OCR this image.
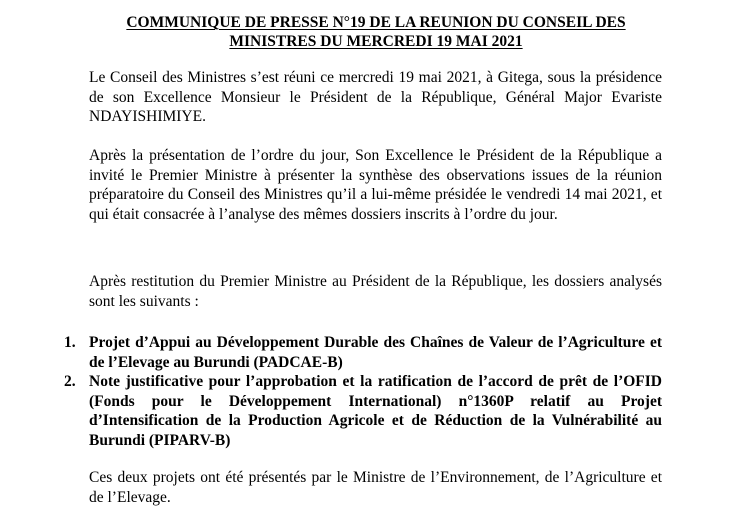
COMMUNIQUE DE PRESSE N°19 DE LA REUNION DU CONSEIL DES MINISTRES DU MERCREDI 19 MAI 2021

Le Conseil des Ministres s’est réuni ce mercredi 19 mai 2021, à Gitega, sous la présidence de son Excellence Monsieur le Président de la République, Général Major Evariste NDAYISHIMIYE.

Après la présentation de l’ordre du jour, Son Excellence le Président de la République a invité le Premier Ministre à présenter la synthèse des observations issues de la réunion préparatoire du Conseil des Ministres qu’il a lui-même présidée le vendredi 14 mai 2021, et qui était consacrée à l’analyse des mêmes dossiers inscrits à l’ordre du jour.

Après restitution du Premier Ministre au Président de la République, les dossiers analysés sont les suivants :

1. Projet d’Appui au Développement Durable des Chaînes de Valeur de l’Agriculture et de l’Elevage au Burundi (PADCAE-B)
2. Note justificative pour l’approbation et la ratification de l’accord de prêt de l’OFID (Fonds pour le Développement International) n°1360P relatif au Projet d’Intensification de la Production Agricole et de Réduction de la Vulnérabilité au Burundi (PIPARV-B)

Ces deux projets ont été présentés par le Ministre de l’Environnement, de l’Agriculture et de l’Elevage.
